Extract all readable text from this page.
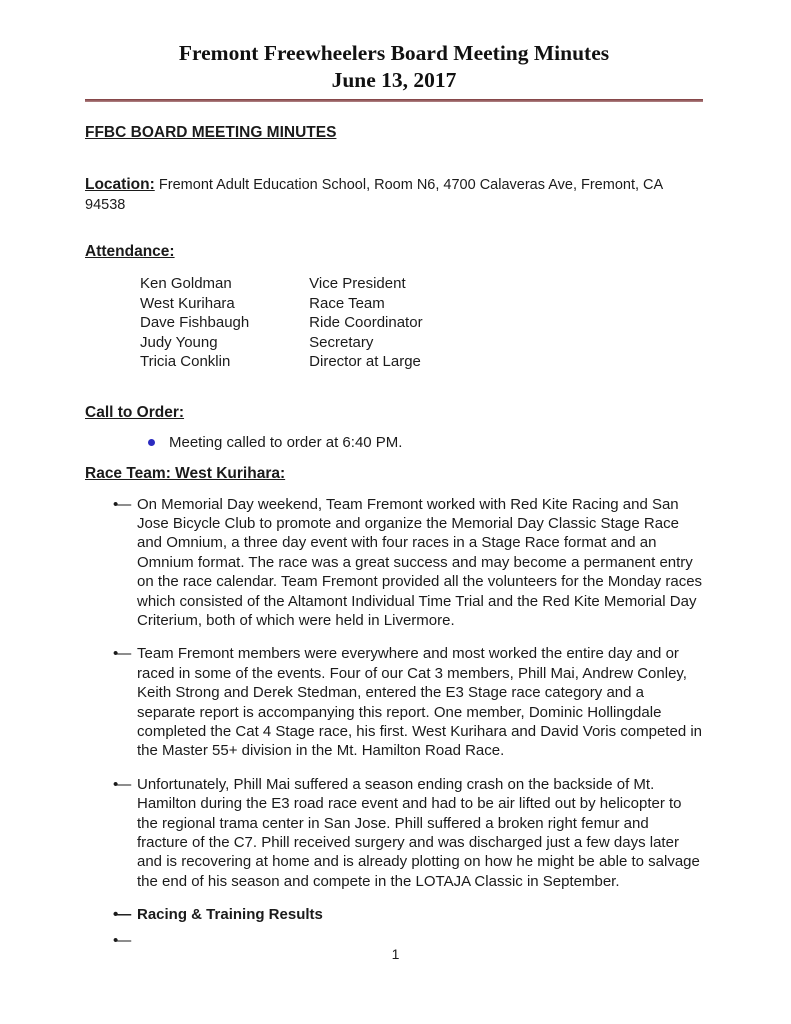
Fremont Freewheelers Board Meeting Minutes
June 13, 2017
FFBC BOARD MEETING MINUTES
Location: Fremont Adult Education School, Room N6, 4700 Calaveras Ave, Fremont, CA 94538
Attendance:
Ken Goldman	Vice President
West Kurihara	Race Team
Dave Fishbaugh	Ride Coordinator
Judy Young	Secretary
Tricia Conklin	Director at Large
Call to Order:
Meeting called to order at 6:40 PM.
Race Team: West Kurihara:
•— On Memorial Day weekend, Team Fremont worked with Red Kite Racing and San Jose Bicycle Club to promote and organize the Memorial Day Classic Stage Race and Omnium, a three day event with four races in a Stage Race format and an Omnium format. The race was a great success and may become a permanent entry on the race calendar. Team Fremont provided all the volunteers for the Monday races which consisted of the Altamont Individual Time Trial and the Red Kite Memorial Day Criterium, both of which were held in Livermore.
•— Team Fremont members were everywhere and most worked the entire day and or raced in some of the events. Four of our Cat 3 members, Phill Mai, Andrew Conley, Keith Strong and Derek Stedman, entered the E3 Stage race category and a separate report is accompanying this report. One member, Dominic Hollingdale completed the Cat 4 Stage race, his first. West Kurihara and David Voris competed in the Master 55+ division in the Mt. Hamilton Road Race.
•— Unfortunately, Phill Mai suffered a season ending crash on the backside of Mt. Hamilton during the E3 road race event and had to be air lifted out by helicopter to the regional trama center in San Jose. Phill suffered a broken right femur and fracture of the C7. Phill received surgery and was discharged just a few days later and is recovering at home and is already plotting on how he might be able to salvage the end of his season and compete in the LOTAJA Classic in September.
•— Racing & Training Results
•—
1
